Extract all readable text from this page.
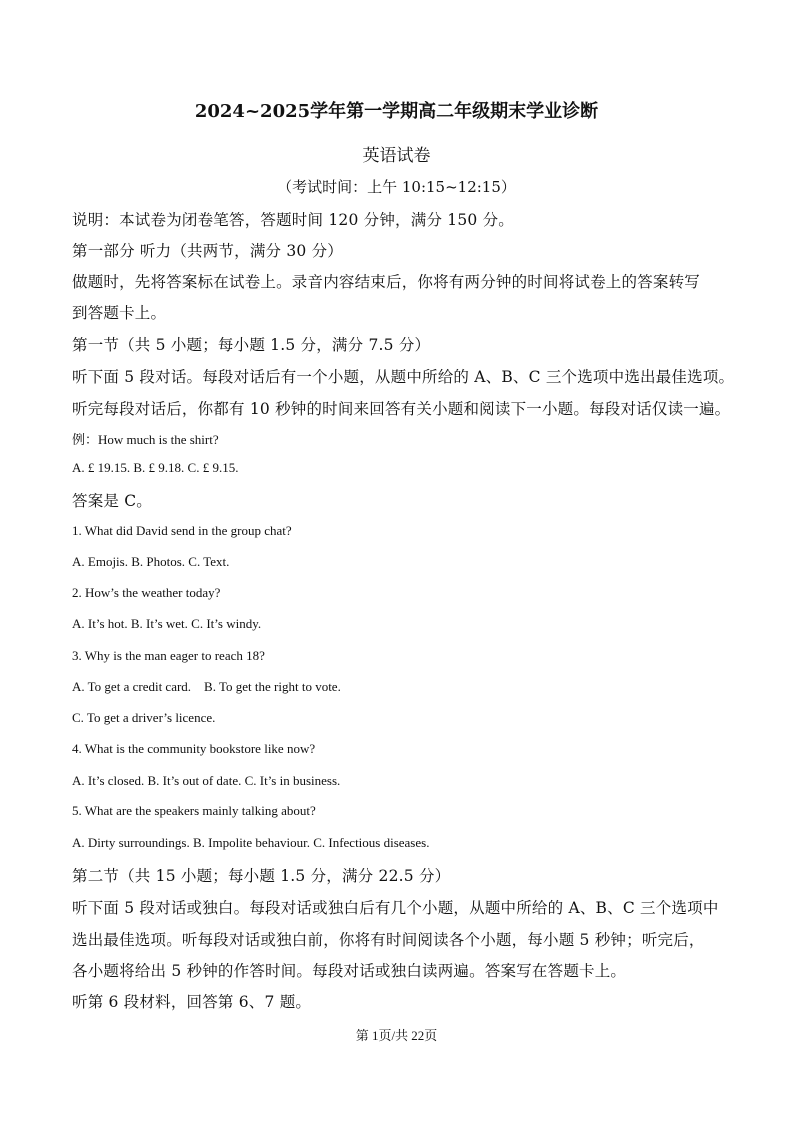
2024~2025学年第一学期高二年级期末学业诊断
英语试卷
（考试时间：上午 10:15~12:15）
说明：本试卷为闭卷笔答，答题时间 120 分钟，满分 150 分。
第一部分 听力（共两节，满分 30 分）
做题时，先将答案标在试卷上。录音内容结束后，你将有两分钟的时间将试卷上的答案转写
到答题卡上。
第一节（共 5 小题；每小题 1.5 分，满分 7.5 分）
听下面 5 段对话。每段对话后有一个小题，从题中所给的 A、B、C 三个选项中选出最佳选项。
听完每段对话后，你都有 10 秒钟的时间来回答有关小题和阅读下一小题。每段对话仅读一遍。
例：How much is the shirt?
A. £ 19.15. B. £ 9.18. C. £ 9.15.
答案是 C。
1. What did David send in the group chat?
A. Emojis. B. Photos. C. Text.
2. How’s the weather today?
A. It’s hot. B. It’s wet. C. It’s windy.
3. Why is the man eager to reach 18?
A. To get a credit card.    B. To get the right to vote.
C. To get a driver’s licence.
4. What is the community bookstore like now?
A. It’s closed. B. It’s out of date. C. It’s in business.
5. What are the speakers mainly talking about?
A. Dirty surroundings. B. Impolite behaviour. C. Infectious diseases.
第二节（共 15 小题；每小题 1.5 分，满分 22.5 分）
听下面 5 段对话或独白。每段对话或独白后有几个小题，从题中所给的 A、B、C 三个选项中
选出最佳选项。听每段对话或独白前，你将有时间阅读各个小题，每小题 5 秒钟；听完后，
各小题将给出 5 秒钟的作答时间。每段对话或独白读两遍。答案写在答题卡上。
听第 6 段材料，回答第 6、7 题。
第 1页/共 22页
